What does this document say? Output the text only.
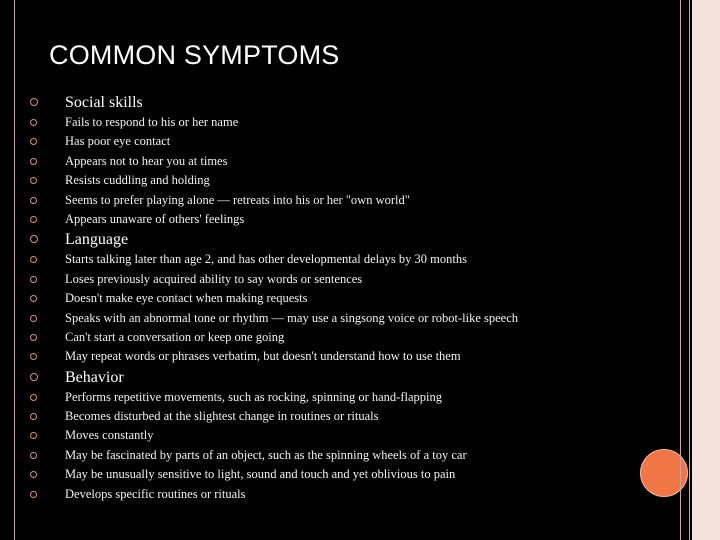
COMMON SYMPTOMS
Social skills
Fails to respond to his or her name
Has poor eye contact
Appears not to hear you at times
Resists cuddling and holding
Seems to prefer playing alone — retreats into his or her "own world"
Appears unaware of others' feelings
Language
Starts talking later than age 2, and has other developmental delays by 30 months
Loses previously acquired ability to say words or sentences
Doesn't make eye contact when making requests
Speaks with an abnormal tone or rhythm — may use a singsong voice or robot-like speech
Can't start a conversation or keep one going
May repeat words or phrases verbatim, but doesn't understand how to use them
Behavior
Performs repetitive movements, such as rocking, spinning or hand-flapping
Becomes disturbed at the slightest change in routines or rituals
Moves constantly
May be fascinated by parts of an object, such as the spinning wheels of a toy car
May be unusually sensitive to light, sound and touch and yet oblivious to pain
Develops specific routines or rituals
